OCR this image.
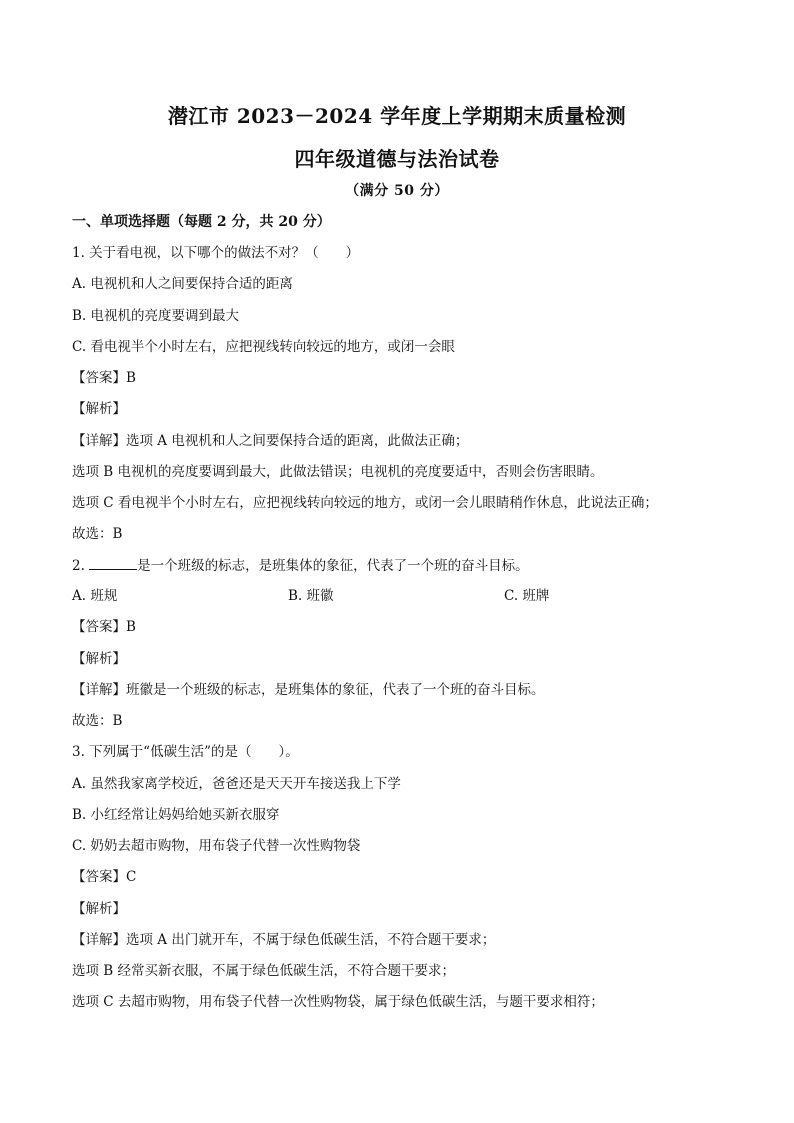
潜江市 2023－2024 学年度上学期期末质量检测
四年级道德与法治试卷
（满分 50 分）
一、单项选择题（每题 2 分，共 20 分）
1. 关于看电视，以下哪个的做法不对？（　　）
A. 电视机和人之间要保持合适的距离
B. 电视机的亮度要调到最大
C. 看电视半个小时左右，应把视线转向较远的地方，或闭一会眼
【答案】B
【解析】
【详解】选项 A 电视机和人之间要保持合适的距离，此做法正确；
选项 B 电视机的亮度要调到最大，此做法错误；电视机的亮度要适中，否则会伤害眼睛。
选项 C 看电视半个小时左右，应把视线转向较远的地方，或闭一会儿眼睛稍作休息，此说法正确；
故选：B
2.	是一个班级的标志，是班集体的象征，代表了一个班的奋斗目标。
A. 班规	B. 班徽	C. 班牌
【答案】B
【解析】
【详解】班徽是一个班级的标志，是班集体的象征，代表了一个班的奋斗目标。
故选：B
3. 下列属于“低碳生活”的是（　　）。
A. 虽然我家离学校近，爸爸还是天天开车接送我上下学
B. 小红经常让妈妈给她买新衣服穿
C. 奶奶去超市购物，用布袋子代替一次性购物袋
【答案】C
【解析】
【详解】选项 A 出门就开车，不属于绿色低碳生活，不符合题干要求；
选项 B 经常买新衣服，不属于绿色低碳生活，不符合题干要求；
选项 C 去超市购物，用布袋子代替一次性购物袋，属于绿色低碳生活，与题干要求相符；
